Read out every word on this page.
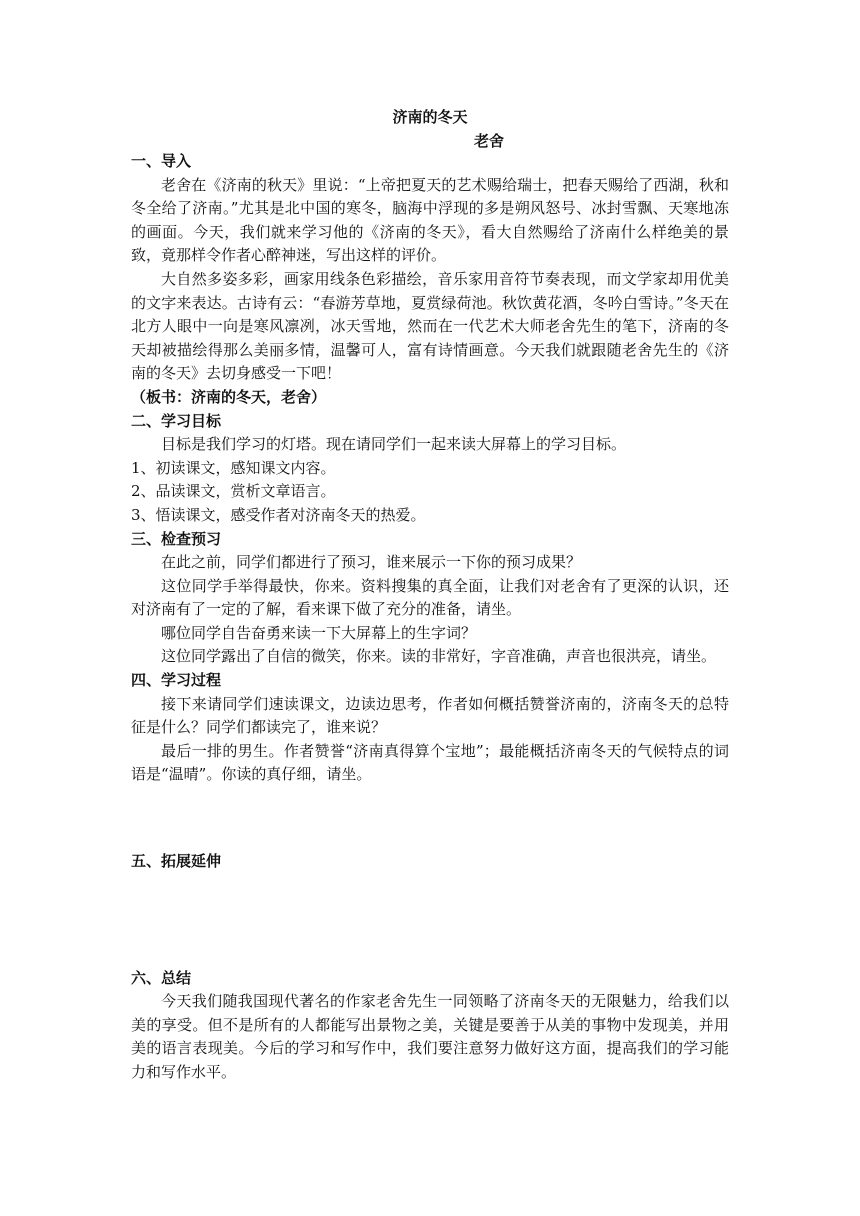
济南的冬天
老舍
一、导入

老舍在《济南的秋天》里说：“上帝把夏天的艺术赐给瑞士，把春天赐给了西湖，秋和冬全给了济南。”尤其是北中国的寒冬，脑海中浮现的多是朔风怒号、冰封雪飘、天寒地冻的画面。今天，我们就来学习他的《济南的冬天》，看大自然赐给了济南什么样绝美的景致，竟那样令作者心醉神迷，写出这样的评价。

大自然多姿多彩，画家用线条色彩描绘，音乐家用音符节奏表现，而文学家却用优美的文字来表达。古诗有云：“春游芳草地，夏赏绿荷池。秋饮黄花酒，冬吟白雪诗。”冬天在北方人眼中一向是寒风凛冽，冰天雪地，然而在一代艺术大师老舍先生的笔下，济南的冬天却被描绘得那么美丽多情，温馨可人，富有诗情画意。今天我们就跟随老舍先生的《济南的冬天》去切身感受一下吧！

（板书：济南的冬天，老舍）
二、学习目标

目标是我们学习的灯塔。现在请同学们一起来读大屏幕上的学习目标。

1、初读课文，感知课文内容。
2、品读课文，赏析文章语言。
3、悟读课文，感受作者对济南冬天的热爱。
三、检查预习

在此之前，同学们都进行了预习，谁来展示一下你的预习成果？

这位同学手举得最快，你来。资料搜集的真全面，让我们对老舍有了更深的认识，还对济南有了一定的了解，看来课下做了充分的准备，请坐。

哪位同学自告奋勇来读一下大屏幕上的生字词？

这位同学露出了自信的微笑，你来。读的非常好，字音准确，声音也很洪亮，请坐。

四、学习过程

接下来请同学们速读课文，边读边思考，作者如何概括赞誉济南的，济南冬天的总特征是什么？同学们都读完了，谁来说？

最后一排的男生。作者赞誉“济南真得算个宝地”；最能概括济南冬天的气候特点的词语是“温晴”。你读的真仔细，请坐。

五、拓展延伸
六、总结

今天我们随我国现代著名的作家老舍先生一同领略了济南冬天的无限魅力，给我们以美的享受。但不是所有的人都能写出景物之美，关键是要善于从美的事物中发现美，并用美的语言表现美。今后的学习和写作中，我们要注意努力做好这方面，提高我们的学习能力和写作水平。
